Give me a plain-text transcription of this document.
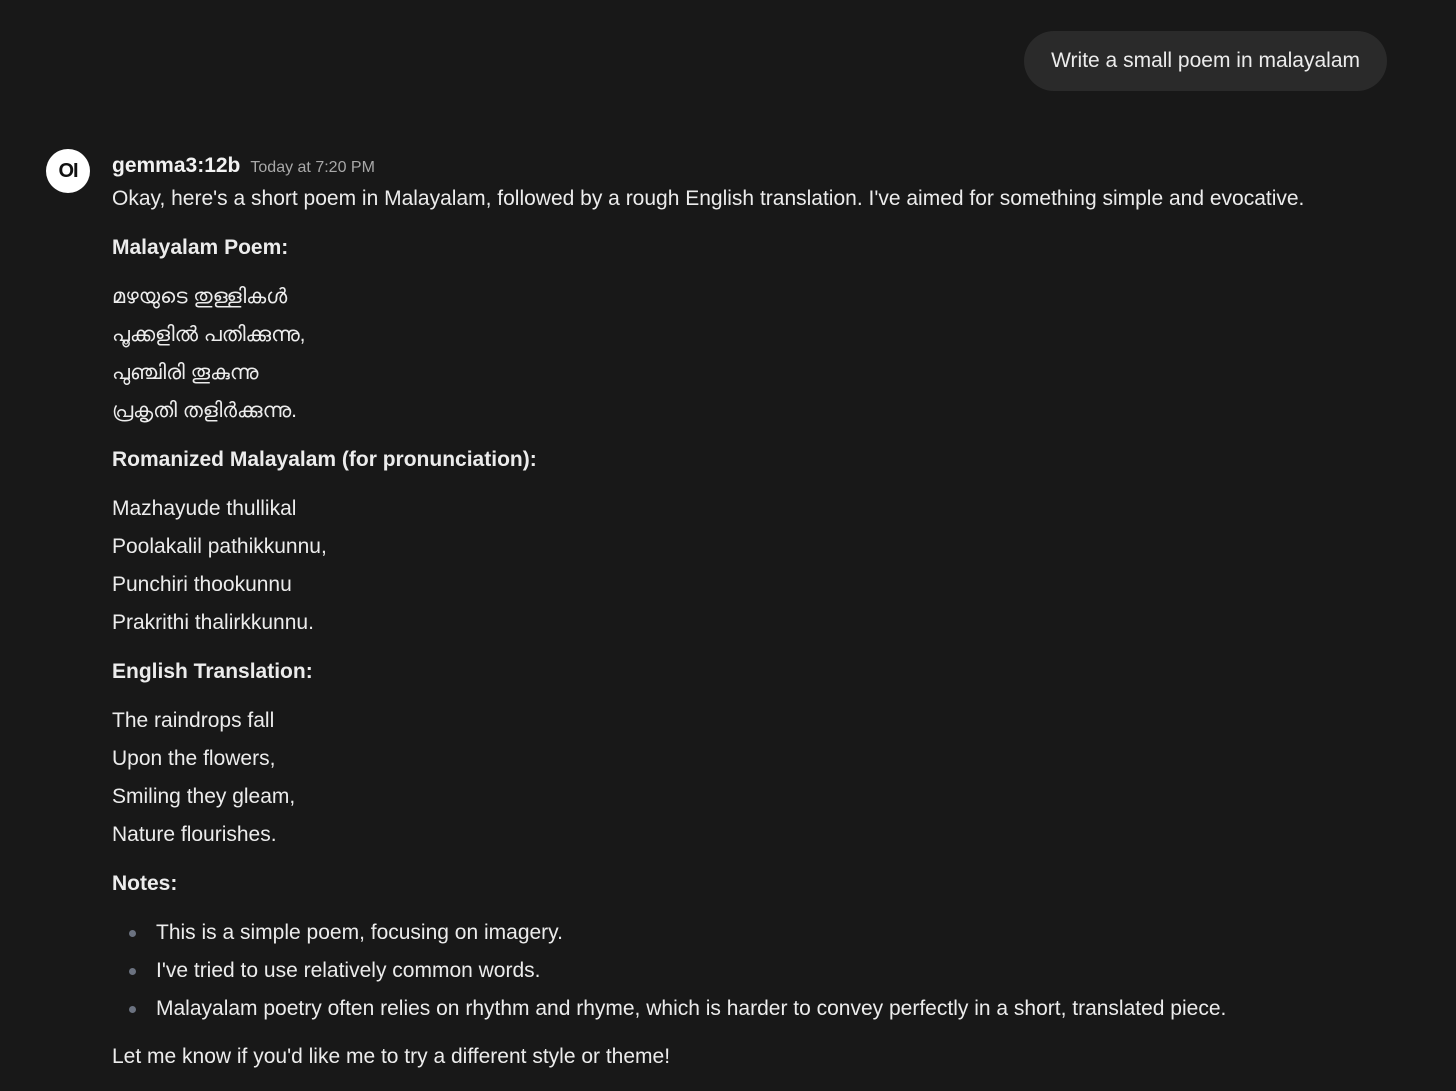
Write a small poem in malayalam
OI gemma3:12b Today at 7:20 PM

Okay, here's a short poem in Malayalam, followed by a rough English translation. I've aimed for something simple and evocative.

Malayalam Poem:

മഴയുടെ തുള്ളികൾ

പൂക്കളിൽ പതിക്കുന്നു,

പുഞ്ചിരി തൂകുന്നു

പ്രകൃതി തളിർക്കുന്നു.

Romanized Malayalam (for pronunciation):

Mazhayude thullikal

Poolakalil pathikkunnu,

Punchiri thookunnu

Prakrithi thalirkkunnu.

English Translation:

The raindrops fall

Upon the flowers,

Smiling they gleam,

Nature flourishes.

Notes:

This is a simple poem, focusing on imagery.
I've tried to use relatively common words.
Malayalam poetry often relies on rhythm and rhyme, which is harder to convey perfectly in a short, translated piece.

Let me know if you'd like me to try a different style or theme!
